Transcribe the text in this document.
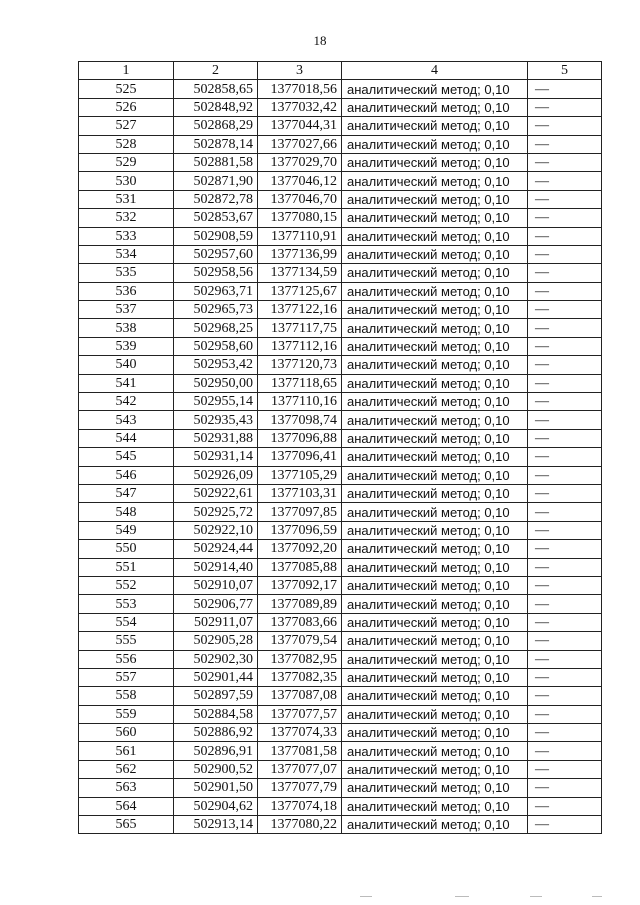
18
1	2	3	4	5
525	502858,65	1377018,56	аналитический метод; 0,10	—
526	502848,92	1377032,42	аналитический метод; 0,10	—
527	502868,29	1377044,31	аналитический метод; 0,10	—
528	502878,14	1377027,66	аналитический метод; 0,10	—
529	502881,58	1377029,70	аналитический метод; 0,10	—
530	502871,90	1377046,12	аналитический метод; 0,10	—
531	502872,78	1377046,70	аналитический метод; 0,10	—
532	502853,67	1377080,15	аналитический метод; 0,10	—
533	502908,59	1377110,91	аналитический метод; 0,10	—
534	502957,60	1377136,99	аналитический метод; 0,10	—
535	502958,56	1377134,59	аналитический метод; 0,10	—
536	502963,71	1377125,67	аналитический метод; 0,10	—
537	502965,73	1377122,16	аналитический метод; 0,10	—
538	502968,25	1377117,75	аналитический метод; 0,10	—
539	502958,60	1377112,16	аналитический метод; 0,10	—
540	502953,42	1377120,73	аналитический метод; 0,10	—
541	502950,00	1377118,65	аналитический метод; 0,10	—
542	502955,14	1377110,16	аналитический метод; 0,10	—
543	502935,43	1377098,74	аналитический метод; 0,10	—
544	502931,88	1377096,88	аналитический метод; 0,10	—
545	502931,14	1377096,41	аналитический метод; 0,10	—
546	502926,09	1377105,29	аналитический метод; 0,10	—
547	502922,61	1377103,31	аналитический метод; 0,10	—
548	502925,72	1377097,85	аналитический метод; 0,10	—
549	502922,10	1377096,59	аналитический метод; 0,10	—
550	502924,44	1377092,20	аналитический метод; 0,10	—
551	502914,40	1377085,88	аналитический метод; 0,10	—
552	502910,07	1377092,17	аналитический метод; 0,10	—
553	502906,77	1377089,89	аналитический метод; 0,10	—
554	502911,07	1377083,66	аналитический метод; 0,10	—
555	502905,28	1377079,54	аналитический метод; 0,10	—
556	502902,30	1377082,95	аналитический метод; 0,10	—
557	502901,44	1377082,35	аналитический метод; 0,10	—
558	502897,59	1377087,08	аналитический метод; 0,10	—
559	502884,58	1377077,57	аналитический метод; 0,10	—
560	502886,92	1377074,33	аналитический метод; 0,10	—
561	502896,91	1377081,58	аналитический метод; 0,10	—
562	502900,52	1377077,07	аналитический метод; 0,10	—
563	502901,50	1377077,79	аналитический метод; 0,10	—
564	502904,62	1377074,18	аналитический метод; 0,10	—
565	502913,14	1377080,22	аналитический метод; 0,10	—
